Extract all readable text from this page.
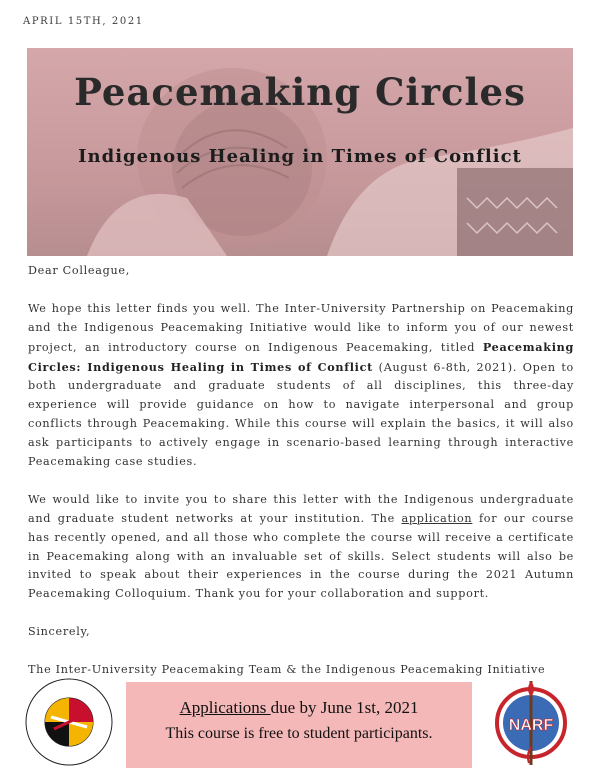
APRIL 15TH, 2021
Peacemaking Circles
Indigenous Healing in Times of Conflict

Dear Colleague,

We hope this letter finds you well. The Inter-University Partnership on Peacemaking and the Indigenous Peacemaking Initiative would like to inform you of our newest project, an introductory course on Indigenous Peacemaking, titled Peacemaking Circles: Indigenous Healing in Times of Conflict (August 6-8th, 2021). Open to both undergraduate and graduate students of all disciplines, this three-day experience will provide guidance on how to navigate interpersonal and group conflicts through Peacemaking. While this course will explain the basics, it will also ask participants to actively engage in scenario-based learning through interactive Peacemaking case studies.

We would like to invite you to share this letter with the Indigenous undergraduate and graduate student networks at your institution. The application for our course has recently opened, and all those who complete the course will receive a certificate in Peacemaking along with an invaluable set of skills. Select students will also be invited to speak about their experiences in the course during the 2021 Autumn Peacemaking Colloquium. Thank you for your collaboration and support.

Sincerely,

The Inter-University Peacemaking Team & the Indigenous Peacemaking Initiative

Applications due by June 1st, 2021
This course is free to student participants.	NARF
